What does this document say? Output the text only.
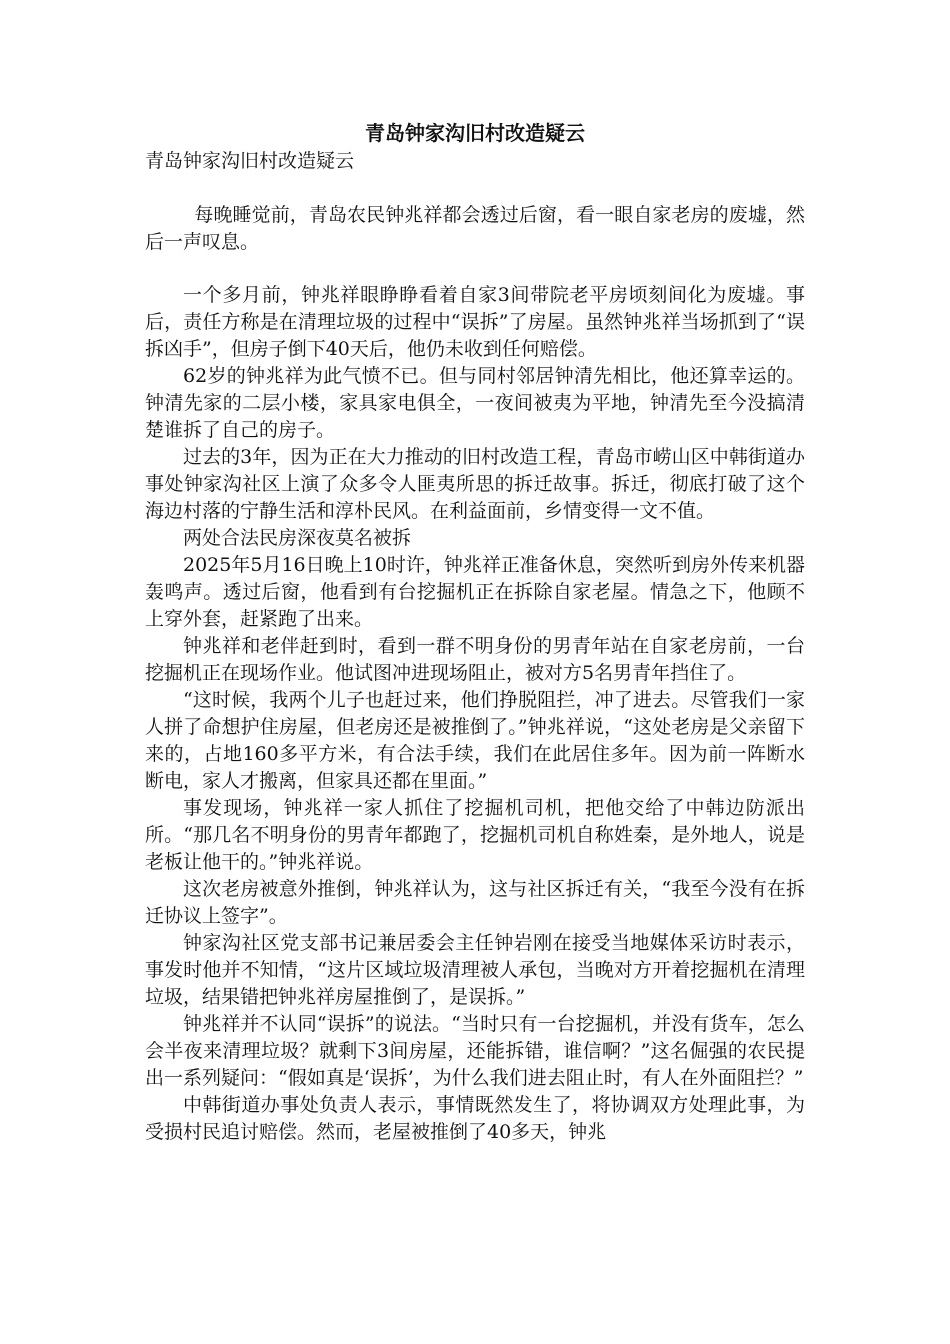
青岛钟家沟旧村改造疑云

青岛钟家沟旧村改造疑云

每晚睡觉前，青岛农民钟兆祥都会透过后窗，看一眼自家老房的废墟，然后一声叹息。

一个多月前，钟兆祥眼睁睁看着自家3间带院老平房顷刻间化为废墟。事后，责任方称是在清理垃圾的过程中“误拆”了房屋。虽然钟兆祥当场抓到了“误拆凶手”，但房子倒下40天后，他仍未收到任何赔偿。

62岁的钟兆祥为此气愤不已。但与同村邻居钟清先相比，他还算幸运的。钟清先家的二层小楼，家具家电俱全，一夜间被夷为平地，钟清先至今没搞清楚谁拆了自己的房子。

过去的3年，因为正在大力推动的旧村改造工程，青岛市崂山区中韩街道办事处钟家沟社区上演了众多令人匪夷所思的拆迁故事。拆迁，彻底打破了这个海边村落的宁静生活和淳朴民风。在利益面前，乡情变得一文不值。

两处合法民房深夜莫名被拆

2025年5月16日晚上10时许，钟兆祥正准备休息，突然听到房外传来机器轰鸣声。透过后窗，他看到有台挖掘机正在拆除自家老屋。情急之下，他顾不上穿外套，赶紧跑了出来。

钟兆祥和老伴赶到时，看到一群不明身份的男青年站在自家老房前，一台挖掘机正在现场作业。他试图冲进现场阻止，被对方5名男青年挡住了。

“这时候，我两个儿子也赶过来，他们挣脱阻拦，冲了进去。尽管我们一家人拼了命想护住房屋，但老房还是被推倒了。”钟兆祥说，“这处老房是父亲留下来的，占地160多平方米，有合法手续，我们在此居住多年。因为前一阵断水断电，家人才搬离，但家具还都在里面。”

事发现场，钟兆祥一家人抓住了挖掘机司机，把他交给了中韩边防派出所。“那几名不明身份的男青年都跑了，挖掘机司机自称姓秦，是外地人，说是老板让他干的。”钟兆祥说。

这次老房被意外推倒，钟兆祥认为，这与社区拆迁有关，“我至今没有在拆迁协议上签字”。

钟家沟社区党支部书记兼居委会主任钟岩刚在接受当地媒体采访时表示，事发时他并不知情，“这片区域垃圾清理被人承包，当晚对方开着挖掘机在清理垃圾，结果错把钟兆祥房屋推倒了，是误拆。”

钟兆祥并不认同“误拆”的说法。“当时只有一台挖掘机，并没有货车，怎么会半夜来清理垃圾？就剩下3间房屋，还能拆错，谁信啊？”这名倔强的农民提出一系列疑问：“假如真是‘误拆’，为什么我们进去阻止时，有人在外面阻拦？”

中韩街道办事处负责人表示，事情既然发生了，将协调双方处理此事，为受损村民追讨赔偿。然而，老屋被推倒了40多天，钟兆
